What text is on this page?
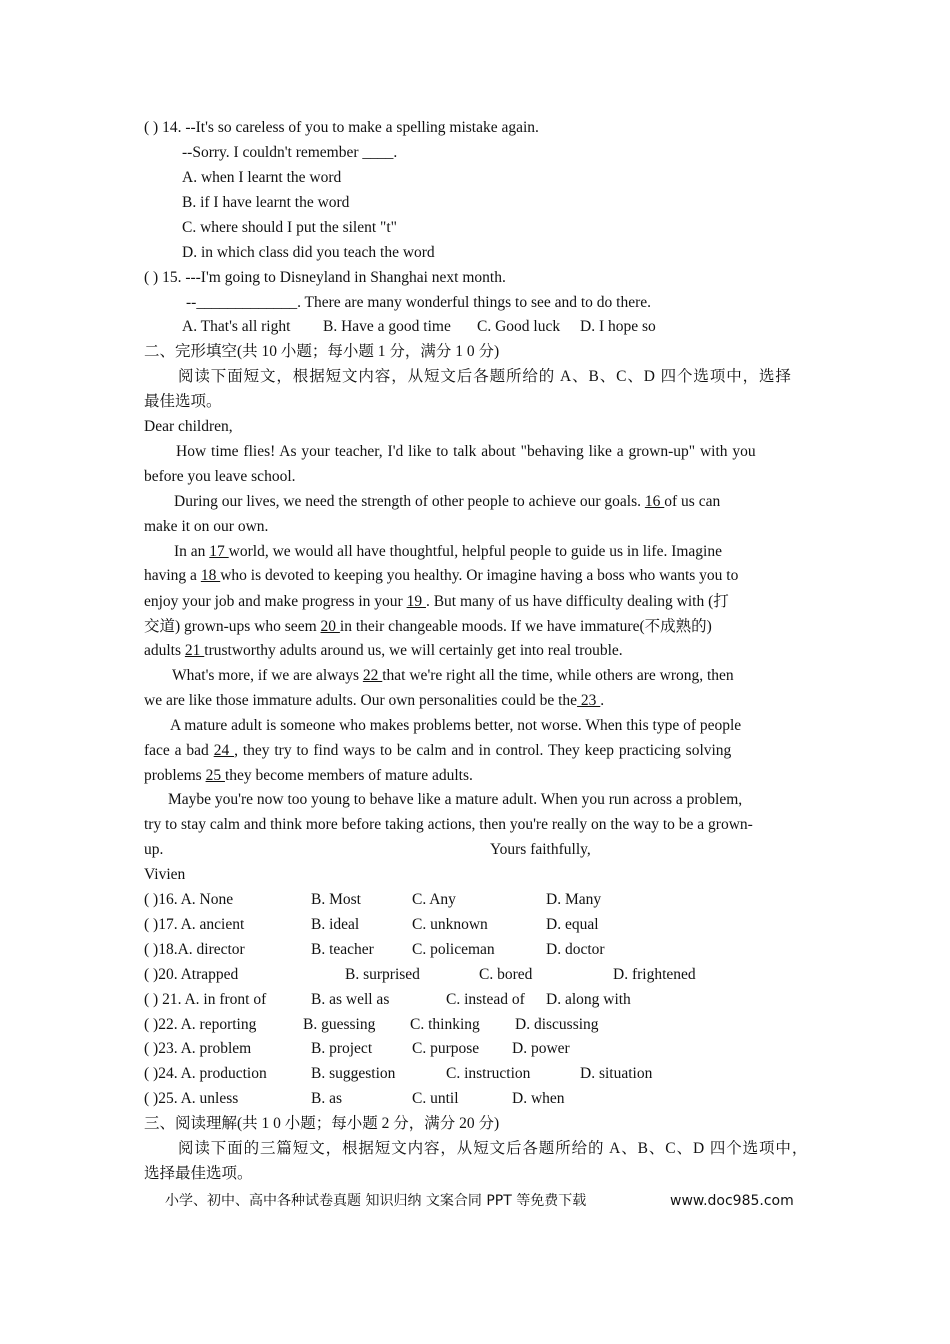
( ) 14. --It's so careless of you to make a spelling mistake again.
--Sorry. I couldn't remember ____.
A. when I learnt the word
B. if I have learnt the word
C. where should I put the silent "t"
D. in which class did you teach the word
( ) 15. ---I'm going to Disneyland in Shanghai next month.
--_____________. There are many wonderful things to see and to do there.
A. That's all right B. Have a good time C. Good luck D. I hope so
二、完形填空(共 10 小题；每小题 1 分，满分 1 0 分)
阅读下面短文，根据短文内容，从短文后各题所给的 A、B、C、D 四个选项中，选择
最佳选项。
Dear children,
How time flies! As your teacher, I'd like to talk about "behaving like a grown-up" with you
before you leave school.
During our lives, we need the strength of other people to achieve our goals. 16 of us can
make it on our own.
In an 17 world, we would all have thoughtful, helpful people to guide us in life. Imagine
having a 18 who is devoted to keeping you healthy. Or imagine having a boss who wants you to
enjoy your job and make progress in your 19 . But many of us have difficulty dealing with (打
交道) grown-ups who seem 20 in their changeable moods. If we have immature(不成熟的)
adults 21 trustworthy adults around us, we will certainly get into real trouble.
What's more, if we are always 22 that we're right all the time, while others are wrong, then
we are like those immature adults. Our own personalities could be the 23 .
A mature adult is someone who makes problems better, not worse. When this type of people
face a bad 24 , they try to find ways to be calm and in control. They keep practicing solving
problems 25 they become members of mature adults.
Maybe you're now too young to behave like a mature adult. When you run across a problem,
try to stay calm and think more before taking actions, then you're really on the way to be a grown-
up.	Yours faithfully,
Vivien
( )16. A. None	B. Most	C. Any	D. Many
( )17. A. ancient	B. ideal	C. unknown	D. equal
( )18.A. director	B. teacher C. policeman	D. doctor
( )20. Atrapped	B. surprised	C. bored	D. frightened
( ) 21. A. in front of	B. as well as	C. instead of D. along with
( )22. A. reporting	B. guessing C. thinking D. discussing
( )23. A. problem	B. project	C. purpose D. power
( )24. A. production	B. suggestion	C. instruction	D. situation
( )25. A. unless	B. as	C. until	D. when
三、阅读理解(共 1 0 小题；每小题 2 分，满分 20 分)
阅读下面的三篇短文，根据短文内容，从短文后各题所给的 A、B、C、D 四个选项中，
选择最佳选项。
小学、初中、高中各种试卷真题 知识归纳 文案合同 PPT 等免费下载	www.doc985.com
